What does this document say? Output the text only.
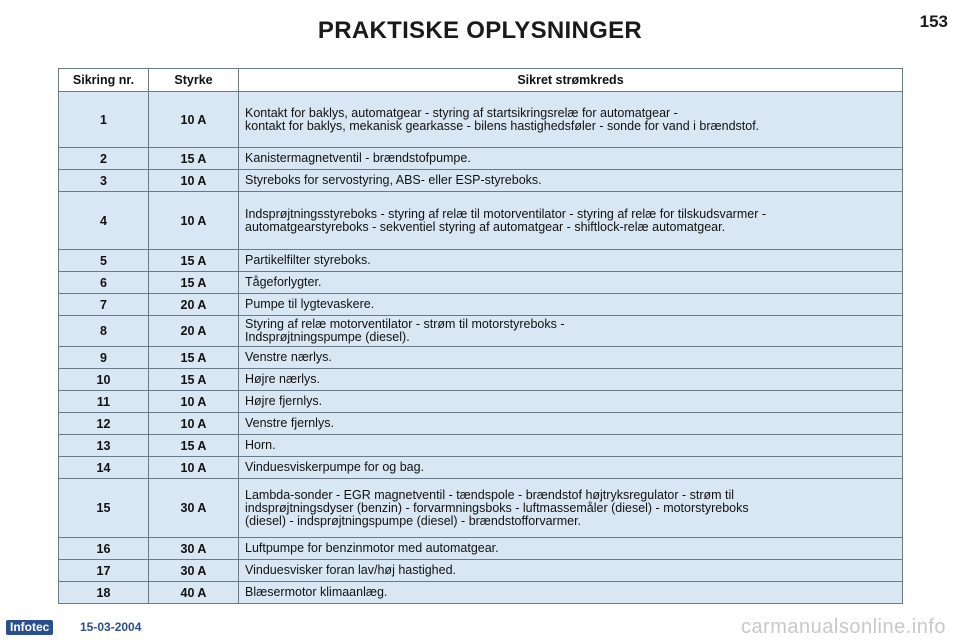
PRAKTISKE OPLYSNINGER	153
Sikring nr.	Styrke	Sikret strømkreds
1	10 A	Kontakt for baklys, automatgear - styring af startsikringsrelæ for automatgear -
kontakt for baklys, mekanisk gearkasse - bilens hastighedsføler - sonde for vand i brændstof.

2	15 A	Kanistermagnetventil - brændstofpumpe.

3	10 A	Styreboks for servostyring, ABS- eller ESP-styreboks.

4	10 A	Indsprøjtningsstyreboks - styring af relæ til motorventilator - styring af relæ for tilskudsvarmer -
automatgearstyreboks - sekventiel styring af automatgear - shiftlock-relæ automatgear.

5	15 A	Partikelfilter styreboks.

6	15 A	Tågeforlygter.

7	20 A	Pumpe til lygtevaskere.

8	20 A	Styring af relæ motorventilator - strøm til motorstyreboks -
Indsprøjtningspumpe (diesel).

9	15 A	Venstre nærlys.

10	15 A	Højre nærlys.

11	10 A	Højre fjernlys.

12	10 A	Venstre fjernlys.

13	15 A	Horn.

14	10 A	Vinduesviskerpumpe for og bag.

15	30 A	Lambda-sonder - EGR magnetventil - tændspole - brændstof højtryksregulator - strøm til
indsprøjtningsdyser (benzin) - forvarmningsboks - luftmassemåler (diesel) - motorstyreboks
(diesel) - indsprøjtningspumpe (diesel) - brændstofforvarmer.

16	30 A	Luftpumpe for benzinmotor med automatgear.

17	30 A	Vinduesvisker foran lav/høj hastighed.

18	40 A	Blæsermotor klimaanlæg.
Infotec	15-03-2004	carmanualsonline.info
